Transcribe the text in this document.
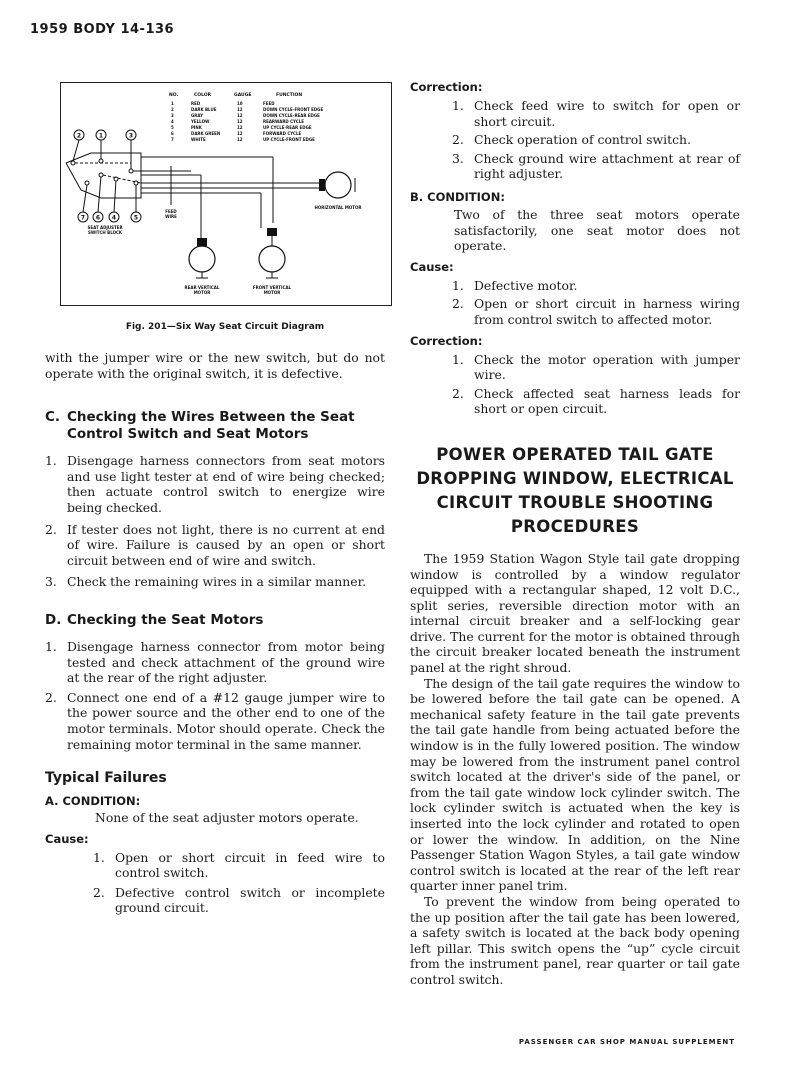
1959 BODY 14-136
NO.	COLOR	GAUGE	FUNCTION
1	RED	10	FEED
2	DARK BLUE	12	DOWN CYCLE-FRONT EDGE
3	GRAY	12	DOWN CYCLE-REAR EDGE
4	YELLOW	12	REARWARD CYCLE
5	PINK	12	UP CYCLE-REAR EDGE
6	DARK GREEN	12	FORWARD CYCLE
7	WHITE	12	UP CYCLE-FRONT EDGE
2	1	3
7 6 4	5
HORIZONTAL MOTOR
REAR VERTICAL
MOTOR
FRONT VERTICAL
MOTOR
SEAT ADJUSTER
SWITCH BLOCK
FEED
WIRE
Fig. 201—Six Way Seat Circuit Diagram

with the jumper wire or the new switch, but do not operate with the original switch, it is defective.

C. Checking the Wires Between the Seat Control Switch and Seat Motors
1. Disengage harness connectors from seat motors and use light tester at end of wire being checked; then actuate control switch to energize wire being checked.
2. If tester does not light, there is no current at end of wire. Failure is caused by an open or short circuit between end of wire and switch.
3. Check the remaining wires in a similar manner.
D. Checking the Seat Motors
1. Disengage harness connector from motor being tested and check attachment of the ground wire at the rear of the right adjuster.
2. Connect one end of a #12 gauge jumper wire to the power source and the other end to one of the motor terminals. Motor should operate. Check the remaining motor terminal in the same manner.
Typical Failures
A. CONDITION:

None of the seat adjuster motors operate.

Cause:
1. Open or short circuit in feed wire to control switch.
2. Defective control switch or incomplete ground circuit.
Correction:
1. Check feed wire to switch for open or short circuit.
2. Check operation of control switch.
3. Check ground wire attachment at rear of right adjuster.
B. CONDITION:

Two of the three seat motors operate satisfactorily, one seat motor does not operate.

Cause:
1. Defective motor.
2. Open or short circuit in harness wiring from control switch to affected motor.
Correction:
1. Check the motor operation with jumper wire.
2. Check affected seat harness leads for short or open circuit.
POWER OPERATED TAIL GATE
DROPPING WINDOW, ELECTRICAL
CIRCUIT TROUBLE SHOOTING
PROCEDURES

The 1959 Station Wagon Style tail gate dropping window is controlled by a window regulator equipped with a rectangular shaped, 12 volt D.C., split series, reversible direction motor with an internal circuit breaker and a self-locking gear drive. The current for the motor is obtained through the circuit breaker located beneath the instrument panel at the right shroud.

The design of the tail gate requires the window to be lowered before the tail gate can be opened. A mechanical safety feature in the tail gate prevents the tail gate handle from being actuated before the window is in the fully lowered position. The window may be lowered from the instrument panel control switch located at the driver's side of the panel, or from the tail gate window lock cylinder switch. The lock cylinder switch is actuated when the key is inserted into the lock cylinder and rotated to open or lower the window. In addition, on the Nine Passenger Station Wagon Styles, a tail gate window control switch is located at the rear of the left rear quarter inner panel trim.

To prevent the window from being operated to the up position after the tail gate has been lowered, a safety switch is located at the back body opening left pillar. This switch opens the “up” cycle circuit from the instrument panel, rear quarter or tail gate control switch.

PASSENGER CAR SHOP MANUAL SUPPLEMENT
